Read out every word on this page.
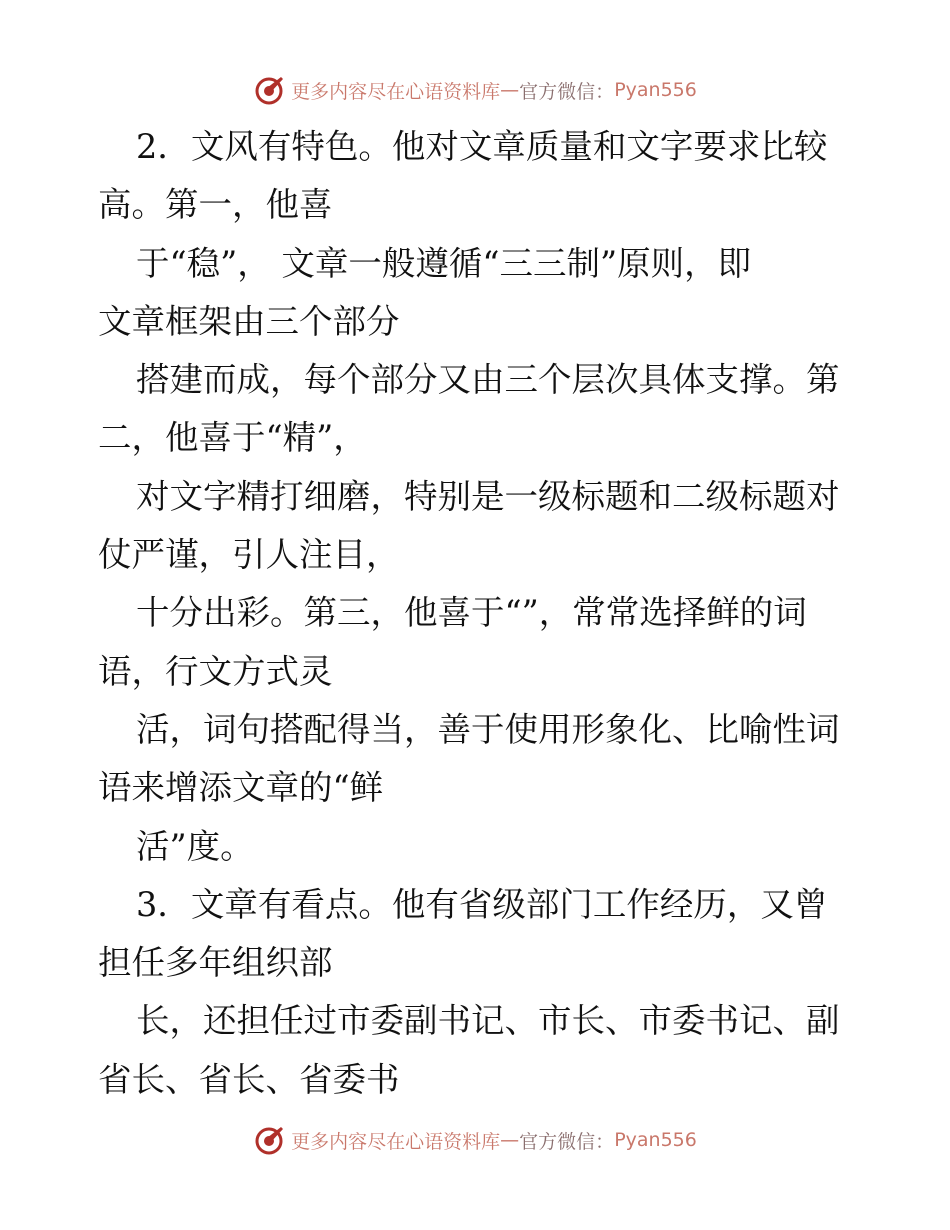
更多内容尽在心语资料库 — 官方微信： Pyan556
2．文风有特色。他对文章质量和文字要求比较
高。第一，他喜
于“稳”， 文章一般遵循“三三制”原则，即
文章框架由三个部分
搭建而成，每个部分又由三个层次具体支撑。第
二，他喜于“精”，
对文字精打细磨，特别是一级标题和二级标题对
仗严谨，引人注目，
十分出彩。第三，他喜于“”，常常选择鲜的词
语，行文方式灵
活，词句搭配得当，善于使用形象化、比喻性词
语来增添文章的“鲜
活”度。
3．文章有看点。他有省级部门工作经历，又曾
担任多年组织部
长，还担任过市委副书记、市长、市委书记、副
省长、省长、省委书
更多内容尽在心语资料库 — 官方微信： Pyan556
